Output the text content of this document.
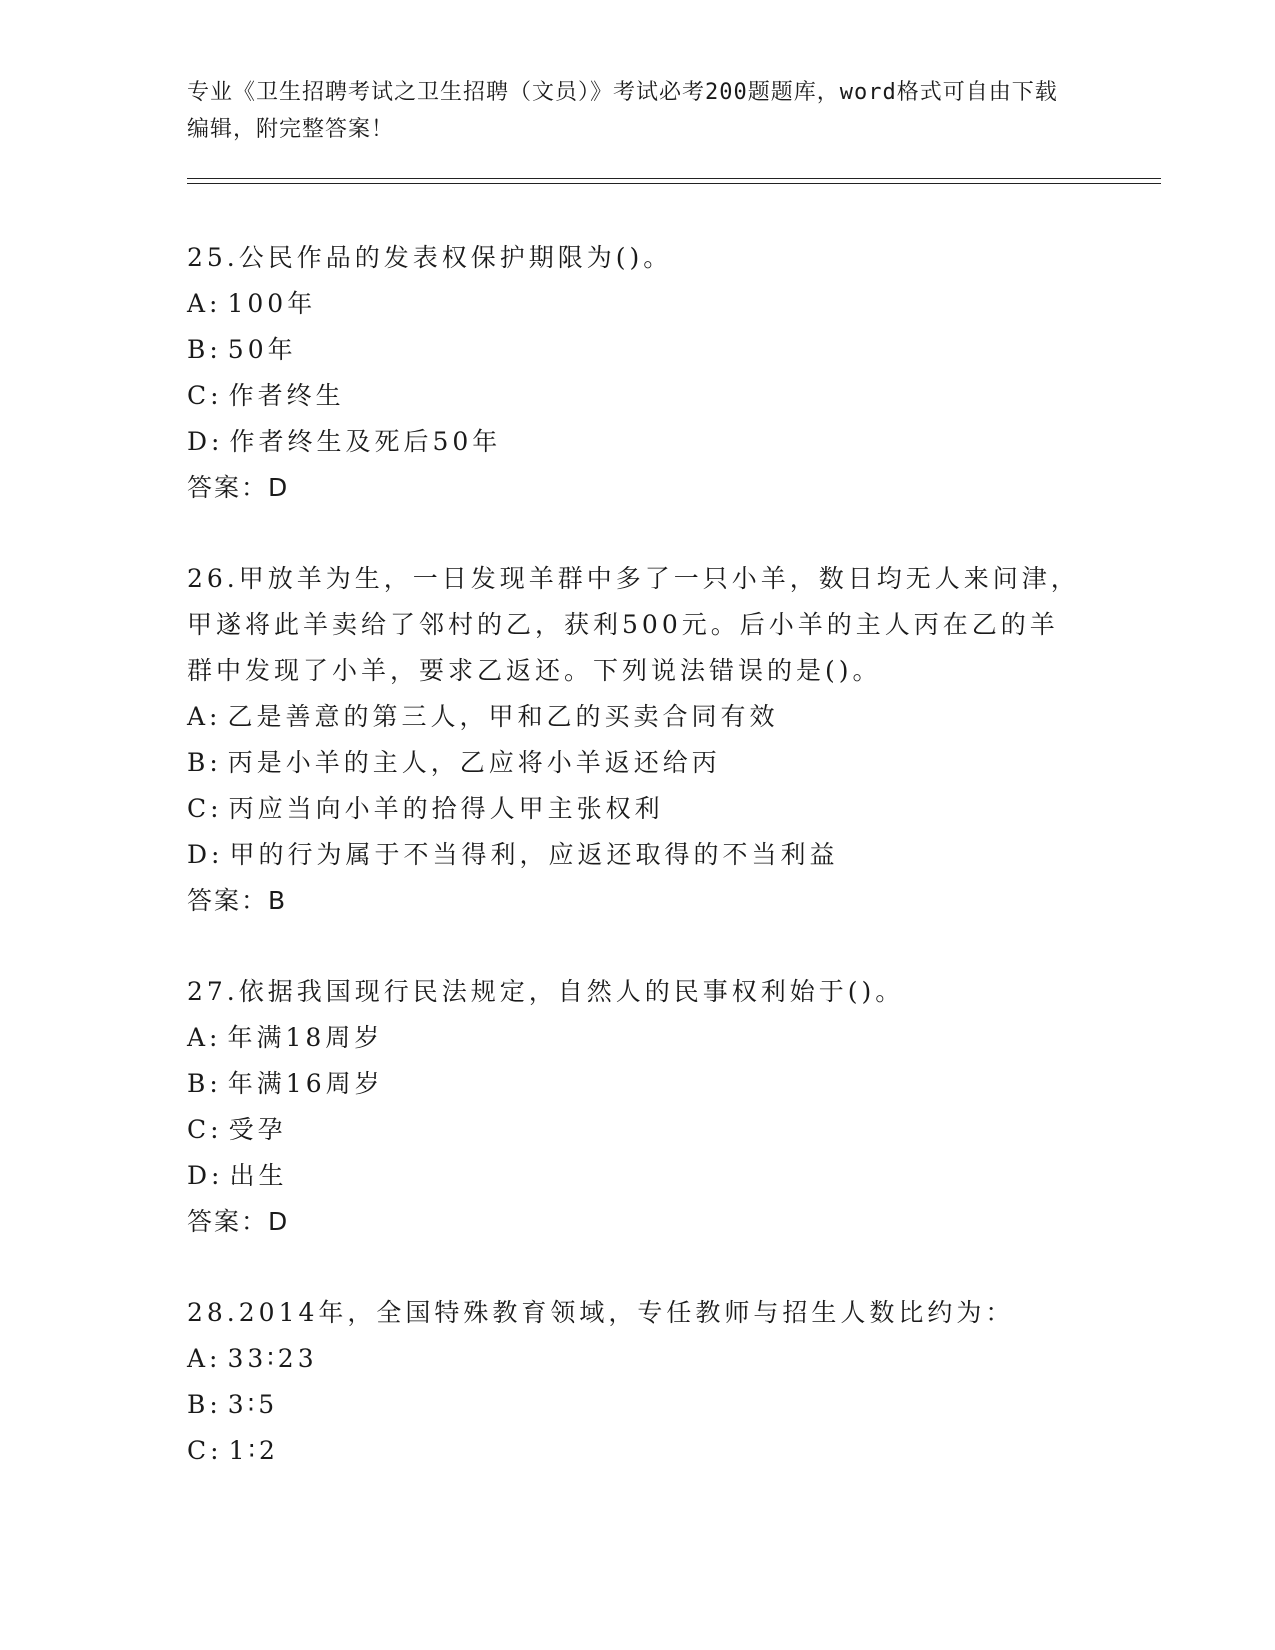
专业《卫生招聘考试之卫生招聘（文员）》考试必考200题题库，word格式可自由下载编辑，附完整答案！

25.公民作品的发表权保护期限为()。

A: 100年

B: 50年

C: 作者终生

D: 作者终生及死后50年

答案：D

26.甲放羊为生，一日发现羊群中多了一只小羊，数日均无人来问津，甲遂将此羊卖给了邻村的乙，获利500元。后小羊的主人丙在乙的羊群中发现了小羊，要求乙返还。下列说法错误的是()。

A: 乙是善意的第三人，甲和乙的买卖合同有效

B: 丙是小羊的主人，乙应将小羊返还给丙

C: 丙应当向小羊的拾得人甲主张权利

D: 甲的行为属于不当得利，应返还取得的不当利益

答案：B

27.依据我国现行民法规定，自然人的民事权利始于()。

A: 年满18周岁

B: 年满16周岁

C: 受孕

D: 出生

答案：D

28.2014年，全国特殊教育领域，专任教师与招生人数比约为：

A: 33∶23

B: 3∶5

C: 1∶2
